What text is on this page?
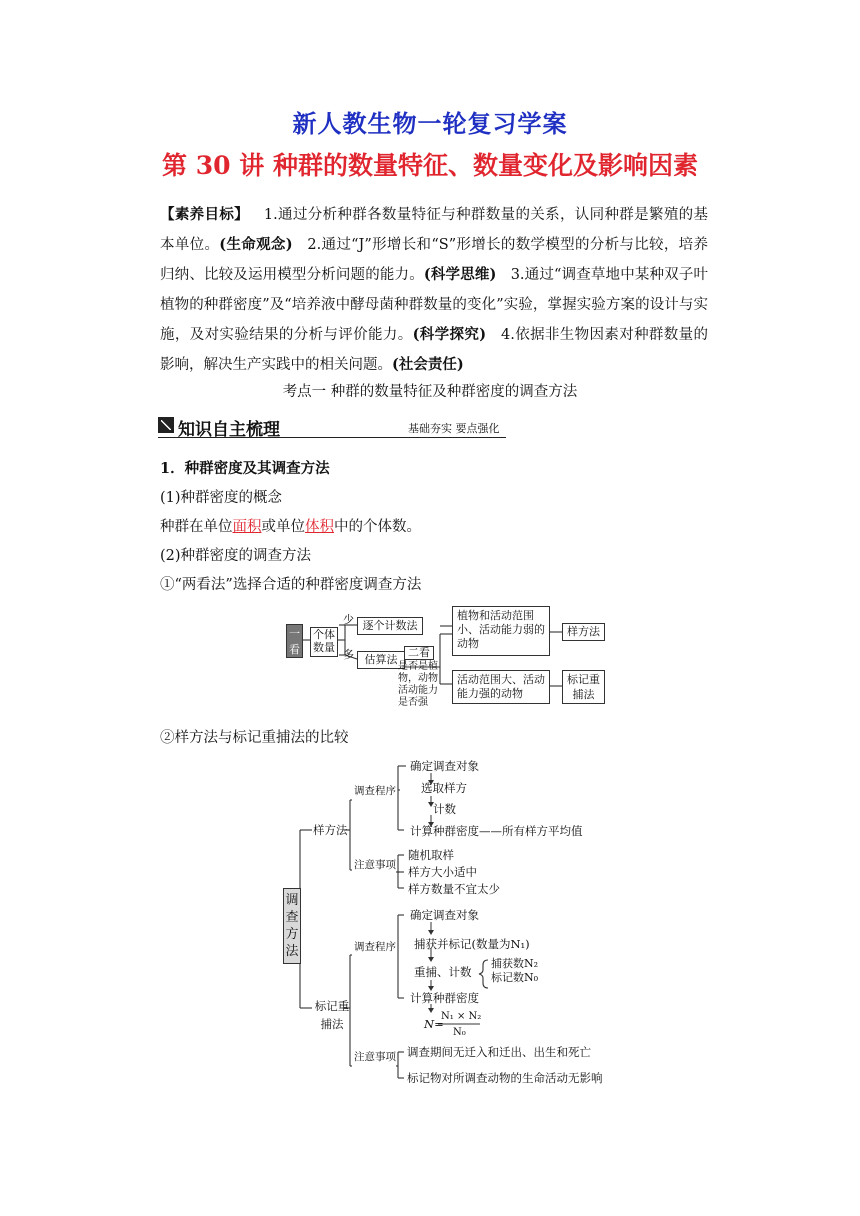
新人教生物一轮复习学案
第 30 讲 种群的数量特征、数量变化及影响因素
【素养目标】 1.通过分析种群各数量特征与种群数量的关系，认同种群是繁殖的基本单位。(生命观念) 2.通过“J”形增长和“S”形增长的数学模型的分析与比较，培养归纳、比较及运用模型分析问题的能力。(科学思维) 3.通过“调查草地中某种双子叶植物的种群密度”及“培养液中酵母菌种群数量的变化”实验，掌握实验方案的设计与实施，及对实验结果的分析与评价能力。(科学探究) 4.依据非生物因素对种群数量的影响，解决生产实践中的相关问题。(社会责任)
考点一 种群的数量特征及种群密度的调查方法
知识自主梳理	基础夯实 要点强化
1．种群密度及其调查方法
(1)种群密度的概念
种群在单位面积或单位体积中的个体数。
(2)种群密度的调查方法
①“两看法”选择合适的种群密度调查方法
一看
个体数量
少
多
逐个计数法
估算法
二看
是否是植物，动物活动能力是否强
植物和活动范围小、活动能力弱的动物
活动范围大、活动能力强的动物
样方法
标记重捕法
②样方法与标记重捕法的比较
调查方法
样方法
调查程序
注意事项
确定调查对象
选取样方
计数
计算种群密度——所有样方平均值
随机取样
样方大小适中
样方数量不宜太少
标记重捕法
调查程序
注意事项
确定调查对象
捕获并标记(数量为N₁)
重捕、计数
捕获数N₂
标记数N₀
计算种群密度
N=
N₁ × N₂
N₀
调查期间无迁入和迁出、出生和死亡
标记物对所调查动物的生命活动无影响
